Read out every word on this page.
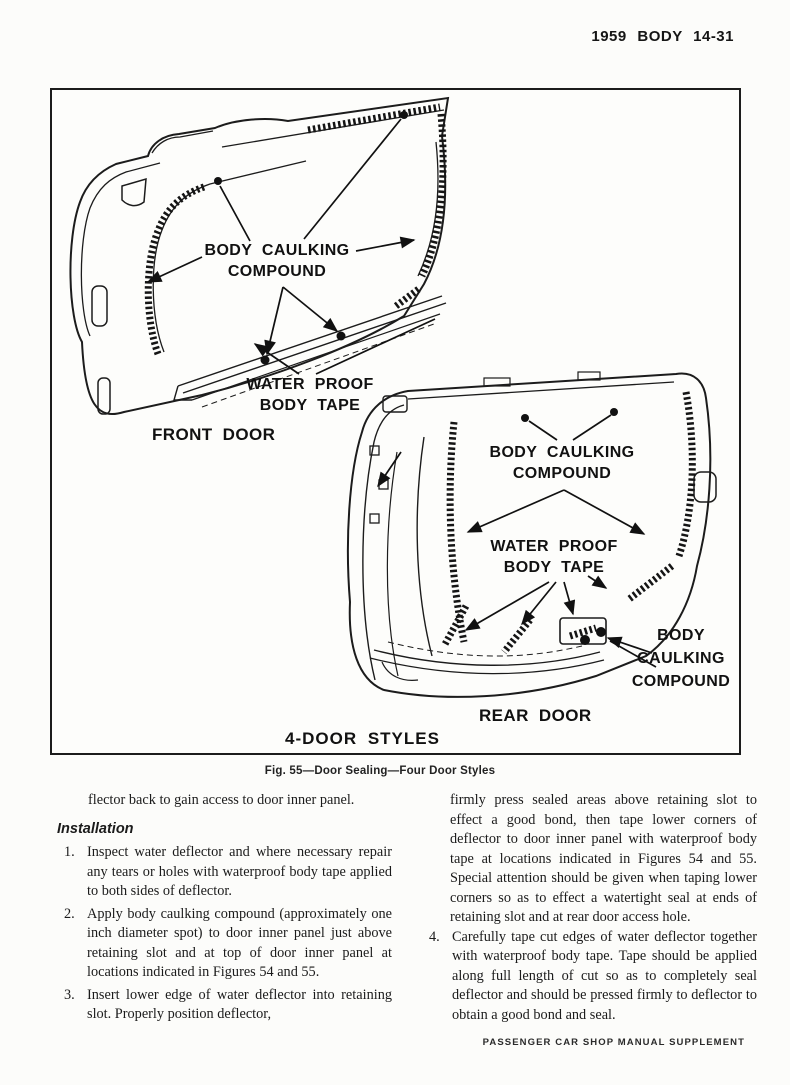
1959 BODY 14-31
BODY CAULKING
COMPOUND
WATER PROOF
BODY TAPE
FRONT DOOR
BODY CAULKING
COMPOUND
WATER PROOF
BODY TAPE
BODY
CAULKING
COMPOUND
REAR DOOR
4-DOOR STYLES
Fig. 55—Door Sealing—Four Door Styles

flector back to gain access to door inner panel.

Installation
1. Inspect water deflector and where necessary repair any tears or holes with waterproof body tape applied to both sides of deflector.
2. Apply body caulking compound (approximately one inch diameter spot) to door inner panel just above retaining slot and at top of door inner panel at locations indicated in Figures 54 and 55.
3. Insert lower edge of water deflector into retaining slot. Properly position deflector,

firmly press sealed areas above retaining slot to effect a good bond, then tape lower corners of deflector to door inner panel with waterproof body tape at locations indicated in Figures 54 and 55. Special attention should be given when taping lower corners so as to effect a watertight seal at ends of retaining slot and at rear door access hole.

4. Carefully tape cut edges of water deflector together with waterproof body tape. Tape should be applied along full length of cut so as to completely seal deflector and should be pressed firmly to deflector to obtain a good bond and seal.
PASSENGER CAR SHOP MANUAL SUPPLEMENT
